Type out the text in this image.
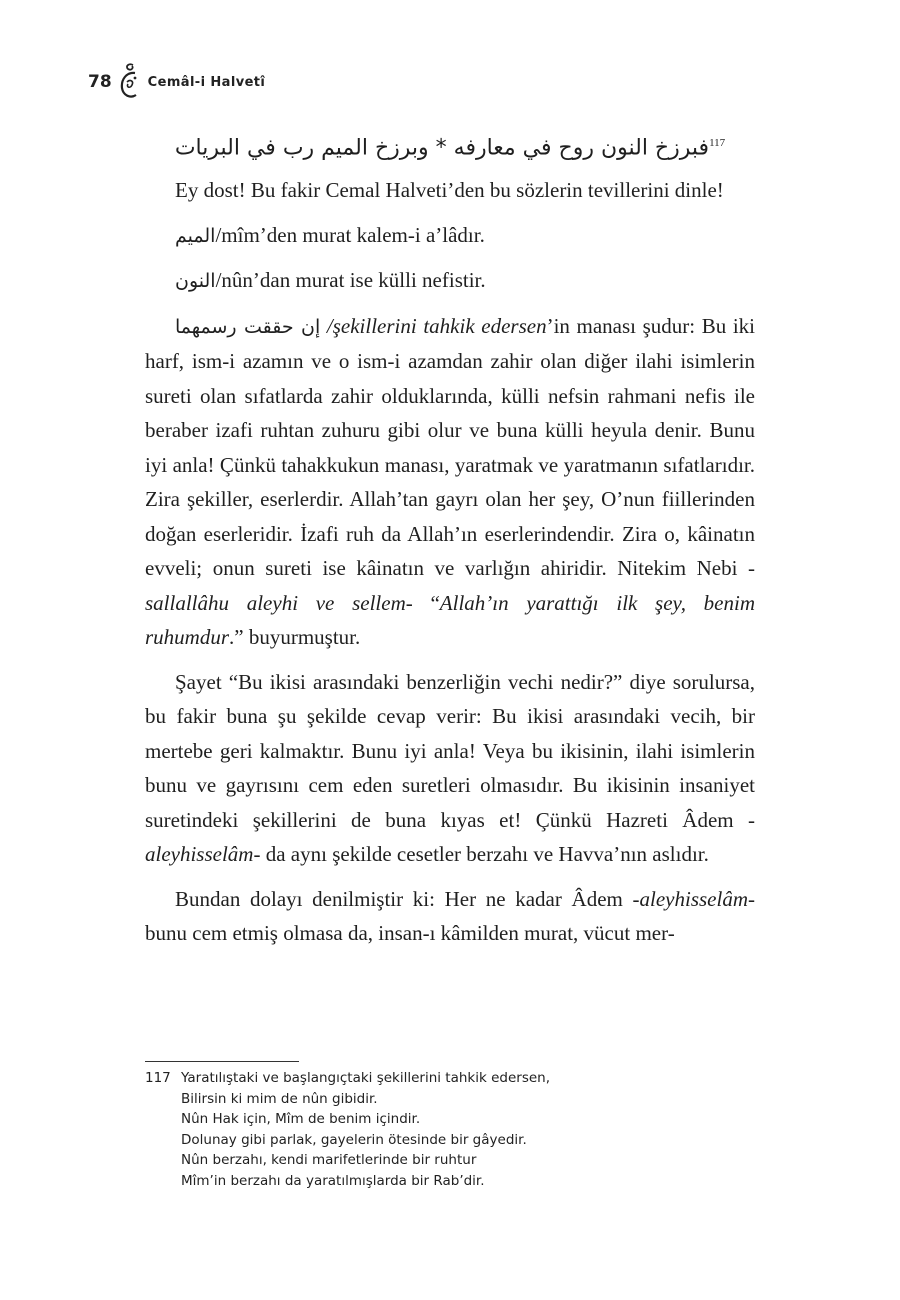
78	Cemâl-i Halvetî
فبرزخ النون روح في معارفه * وبرزخ الميم رب في البريات$^{117}$

Ey dost! Bu fakir Cemal Halveti’den bu sözlerin tevillerini dinle!

الميم/mîm’den murat kalem-i a’lâdır.

النون/nûn’dan murat ise külli nefistir.

إن حققت رسمهما /şekillerini tahkik edersen’in manası şudur: Bu iki harf, ism-i azamın ve o ism-i azamdan zahir olan diğer ilahi isimlerin sureti olan sıfatlarda zahir olduklarında, külli nefsin rahmani nefis ile beraber izafi ruhtan zuhuru gibi olur ve buna külli heyula denir. Bunu iyi anla! Çünkü tahakkukun manası, yaratmak ve yaratmanın sıfatlarıdır. Zira şekiller, eserlerdir. Allah’tan gayrı olan her şey, O’nun fiillerinden doğan eserleridir. İzafi ruh da Allah’ın eserlerindendir. Zira o, kâinatın evveli; onun sureti ise kâinatın ve varlığın ahiridir. Nitekim Nebi -sallallâhu aleyhi ve sellem- “Allah’ın yarattığı ilk şey, benim ruhumdur.” buyurmuştur.

Şayet “Bu ikisi arasındaki benzerliğin vechi nedir?” diye sorulursa, bu fakir buna şu şekilde cevap verir: Bu ikisi arasındaki vecih, bir mertebe geri kalmaktır. Bunu iyi anla! Veya bu ikisinin, ilahi isimlerin bunu ve gayrısını cem eden suretleri olmasıdır. Bu ikisinin insaniyet suretindeki şekillerini de buna kıyas et! Çünkü Hazreti Âdem -aleyhisselâm- da aynı şekilde cesetler berzahı ve Havva’nın aslıdır.

Bundan dolayı denilmiştir ki: Her ne kadar Âdem -aleyhisselâm- bunu cem etmiş olmasa da, insan-ı kâmilden murat, vücut mer-

117 Yaratılıştaki ve başlangıçtaki şekillerini tahkik edersen,
Bilirsin ki mim de nûn gibidir.
Nûn Hak için, Mîm de benim içindir.
Dolunay gibi parlak, gayelerin ötesinde bir gâyedir.
Nûn berzahı, kendi marifetlerinde bir ruhtur
Mîm’in berzahı da yaratılmışlarda bir Rab’dir.
